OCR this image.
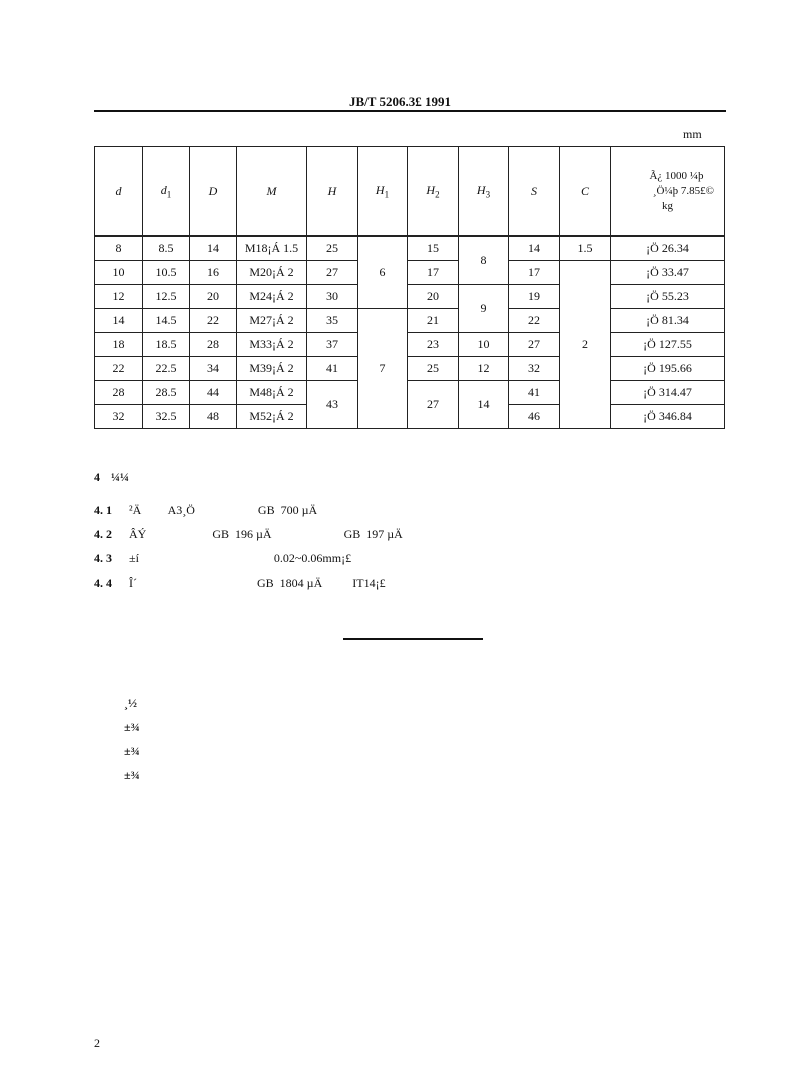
JB/T 5206.3£ 1991
mm
d	$d_1$	D	M	H	$H_1$	$H_2$	$H_3$	S	C	Ã¿ 1000 ¼þ
¸Ö¼þ 7.85£©
kg

8	8.5	14	M18¡Á 1.5	25	6	15	8	14	1.5	¡Ö 26.34
10	10.5	16	M20¡Á 2	27		17		17	2	¡Ö 33.47
12	12.5	20	M24¡Á 2	30		20	9	19		¡Ö 55.23
14	14.5	22	M27¡Á 2	35	7	21		22		¡Ö 81.34
18	18.5	28	M33¡Á 2	37		23	10	27		¡Ö 127.55
22	22.5	34	M39¡Á 2	41		25	12	32		¡Ö 195.66
28	28.5	44	M48¡Á 2	43		27	14	41		¡Ö 314.47
32	32.5	48	M52¡Á 2					46		¡Ö 346.84
4 ¼¼
4. 1 ²Ä         A3¸Ö                     GB  700 µÄ
4. 2 ÂÝ                      GB  196 µÄ                        GB  197 µÄ
4. 3 ±í                                             0.02~0.06mm¡£
4. 4 Î´                                        GB  1804 µÄ          IT14¡£
¸½
±¾
±¾
±¾
2
